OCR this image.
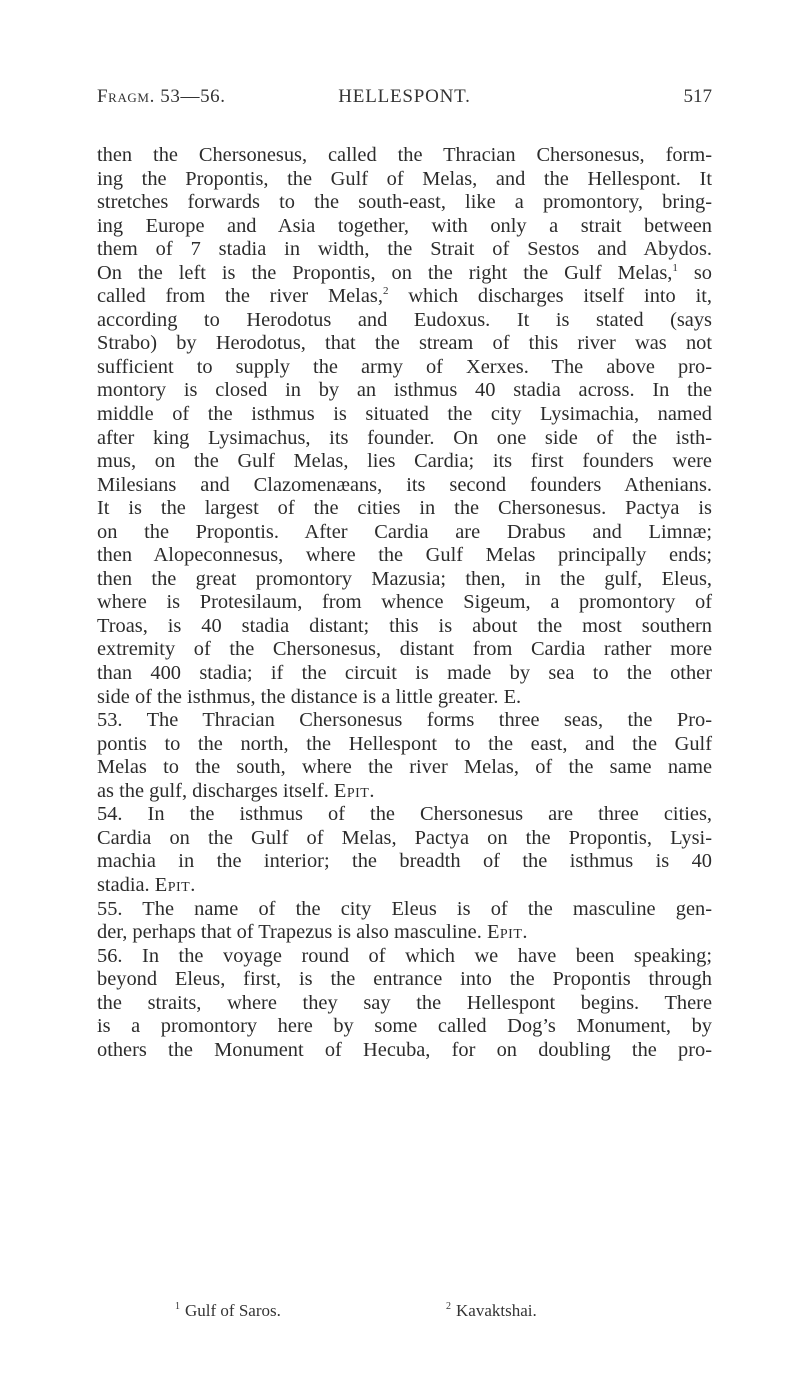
Fragm. 53—56.	HELLESPONT.	517
then the Chersonesus, called the Thracian Chersonesus, form-
ing the Propontis, the Gulf of Melas, and the Hellespont. It
stretches forwards to the south-east, like a promontory, bring-
ing Europe and Asia together, with only a strait between
them of 7 stadia in width, the Strait of Sestos and Abydos.
On the left is the Propontis, on the right the Gulf Melas,$^1$ so
called from the river Melas,$^2$ which discharges itself into it,
according to Herodotus and Eudoxus. It is stated (says
Strabo) by Herodotus, that the stream of this river was not
sufficient to supply the army of Xerxes. The above pro-
montory is closed in by an isthmus 40 stadia across. In the
middle of the isthmus is situated the city Lysimachia, named
after king Lysimachus, its founder. On one side of the isth-
mus, on the Gulf Melas, lies Cardia; its first founders were
Milesians and Clazomenæans, its second founders Athenians.
It is the largest of the cities in the Chersonesus. Pactya is
on the Propontis. After Cardia are Drabus and Limnæ;
then Alopeconnesus, where the Gulf Melas principally ends;
then the great promontory Mazusia; then, in the gulf, Eleus,
where is Protesilaum, from whence Sigeum, a promontory of
Troas, is 40 stadia distant; this is about the most southern
extremity of the Chersonesus, distant from Cardia rather more
than 400 stadia; if the circuit is made by sea to the other
side of the isthmus, the distance is a little greater. E.
53. The Thracian Chersonesus forms three seas, the Pro-
pontis to the north, the Hellespont to the east, and the Gulf
Melas to the south, where the river Melas, of the same name
as the gulf, discharges itself. Epit.
54. In the isthmus of the Chersonesus are three cities,
Cardia on the Gulf of Melas, Pactya on the Propontis, Lysi-
machia in the interior; the breadth of the isthmus is 40
stadia. Epit.
55. The name of the city Eleus is of the masculine gen-
der, perhaps that of Trapezus is also masculine. Epit.
56. In the voyage round of which we have been speaking;
beyond Eleus, first, is the entrance into the Propontis through
the straits, where they say the Hellespont begins. There
is a promontory here by some called Dog’s Monument, by
others the Monument of Hecuba, for on doubling the pro-
$^1$ Gulf of Saros.	$^2$ Kavaktshai.
